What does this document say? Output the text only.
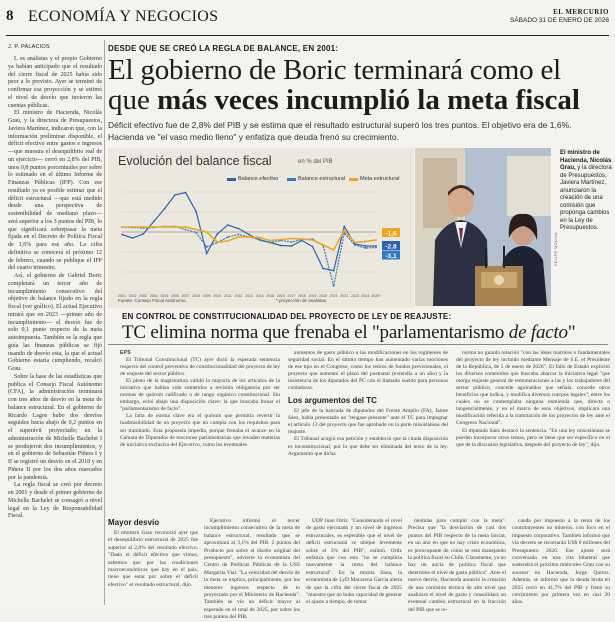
8 ECONOMÍA Y NEGOCIOS	EL MERCURIO
SÁBADO 31 DE ENERO DE 2026
J. P. PALACIOS

L os analistas y el propio Gobierno ya habían anticipado que el resultado del cierre fiscal de 2025 había sido peor a lo previsto. Ayer se terminó de confirmar esa proyección y se estimó el nivel de desvío que tuvieron las cuentas públicas.

El ministro de Hacienda, Nicolás Grau, y la directora de Presupuestos, Javiera Martínez, indicaron que, con la información preliminar disponible, el déficit efectivo entre gastos e ingresos —que muestra el desequilibrio real de un ejercicio— cerró en 2,8% del PIB, unos 0,8 puntos porcentuales por sobre lo estimado en el último Informe de Finanzas Públicas (IFP). Con ese resultado ya es posible estimar que el déficit estructural —que está medido desde una perspectiva de sostenibilidad de mediano plazo— será superior a los 3 puntos del PIB, lo que significará sobrepasar la meta fijada en el Decreto de Política Fiscal de 1,6% para ese año. La cifra definitiva se conocerá el próximo 12 de febrero, cuando se publique el IFP del cuarto trimestre.

Así, el gobierno de Gabriel Boric completará un tercer año de incumplimiento consecutivo del objetivo de balance fijado en la regla fiscal (ver gráfico). El actual Ejecutivo mirará que en 2023 —primer año de incumplimiento— el desvío fue de solo 0,1 punto respecto de la meta autoimpuesta. También se la regla que guía las finanzas públicas se fijó usando de desvío esta, la que el actual Gobierno estaría cumpliendo, recalcó Grau.

Sobre la base de las estadísticas que publica el Consejo Fiscal Autónomo (CFA), la administración terminará con tres años de desvío en la meta de balance estructural. En el gobierno de Ricardo Lagos hubo dos desvíos seguidos hacia abajo de 0,2 puntos en el superávit proyectado; en la administración de Michelle Bachelet I se produjeron dos incumplimientos, y en el gobierno de Sebastián Piñera I y II se registró un desvío en el 2018 y en Piñera II por los dos años marcados por la pandemia.

La regla fiscal se creó por decreto en 2001 y desde el primer gobierno de Michelle Bachelet se consagró a nivel legal en la Ley de Responsabilidad Fiscal.

DESDE QUE SE CREÓ LA REGLA DE BALANCE, EN 2001:
El gobierno de Boric terminará como el
que más veces incumplió la meta fiscal
Déficit efectivo fue de 2,8% del PIB y se estima que el resultado estructural superó los tres puntos. El objetivo era de 1,6%.
Hacienda ve "el vaso medio lleno" y enfatiza que deuda frenó su crecimiento.
Evolución del balance fiscal	en % del PIB
Balance efectivo	Balance estructural	Meta estructural
2001 2002 2003 2004 2005 2006 2007 2008 2009 2010 2011 2012 2013 2014 2015 2016 2017 2018 2019 2020 2021 2022 2023 2024 2025*
-1,6
-2,8
-3,1
Fuente: Consejo Fiscal Autónomo.	* proyección de analistas.
FELIPE MOLINA
El ministro de Hacienda, Nicolás Grau, y la directora de Presupuestos, Javiera Martínez, anunciaron la creación de una comisión que proponga cambios en la Ley de Presupuestos.
EN CONTROL DE CONSTITUCIONALIDAD DEL PROYECTO DE LEY DE REAJUSTE:
TC elimina norma que frenaba el "parlamentarismo de facto"

EPS

El Tribunal Constitucional (TC) ayer dictó la esperada sentencia respecto del control preventivo de constitucionalidad del proyecto de ley de reajuste del sector público.

El pleno de la magistratura validó la mayoría de los artículos de la iniciativa que habían sido sometidos a revisión obligatoria por ser normas de quórum calificado o de rango orgánico constitucional. Sin embargo, echó abajo una disposición clave: la que buscaba frenar el "parlamentarismo de facto".

La falta de norma clave era el quórum que permitía revertir la inadmisibilidad de un proyecto que no cumpla con los requisitos para ser tramitado. Esta propuesta impedía, porque frenaba el avance en la Cámara de Diputados de mociones parlamentarias que invaden materias de iniciativa exclusiva del Ejecutivo, como los eventuales

aumentos de gasto público o las modificaciones en los regímenes de seguridad social. En el último tiempo han aumentado varias mociones de ese tipo en el Congreso, como los retiros de fondos previsionales, el proyecto que aumentó el plazo del postnatal (extendía a un año) y la insistencia de los diputados del PC con el llamado sueldo para personas cuidadoras.

Los argumentos del TC

El jefe de la bancada de diputados del Frente Amplio (FA), Jaime Sáez, había presentado un "tengase presente" ante el TC para impugnar el artículo 13 del proyecto que fue aprobado en la parte misceláneas del reajuste.

El Tribunal acogió esa petición y estableció que la citada disposición es inconstitucional, por lo que debe ser eliminada del texto de la ley. Argumentó que dicha

norma no guarda relación "con las ideas matrices o fundamentales del proyecto de ley incluido mediante Mensaje de S.E. el Presidente de la República, de 5 de enero de 2026". El fallo de Estado explicitó los diversos contenidos que buscaba abarcar la iniciativa legal "que otorga reajuste general de remuneraciones a las y los trabajadores del sector público, concede aguinaldos que señala, concede otros beneficios que indica, y modifica diversos cuerpos legales"; entre los cuales no se contemplaba ninguna enmienda que, directa o tangencialmente, y en el marco de esos objetivos, implicara una modificación referida a la tramitación de los proyectos de ley ante el Congreso Nacional".

El diputado Sáez destacó la sentencia. "En una ley misceláneas se pueden incorporar otros temas, pero se tiene que ser específico en el que de la discusión legislativa, después del proyecto de ley", dijo.

Mayor desvío

El ministro Grau reconoció ayer que el desequilibrio estructural de 2025 fue superior al 2,8% del resultado efectivo. "Dado el déficit efectivo que vimos, sabemos que por las condiciones macroeconómicas que hay en el país, tiene que estar por sobre el déficit efectivo" el resultado estructural, dijo.

Ejecutivo informó el tercer incumplimiento consecutivo de la meta de balance estructural, resultado que se aproximará al 3,1% del PIB. 2 puntos del Producto por sobre el diseño original del presupuesto", advierte la economista del Centro de Políticas Públicas de la USS Margarita Vial. "La velocidad del desvío de la meta se explica, principalmente, por los menores ingresos respecto de lo proyectado por el Ministerio de Hacienda". También se vio un déficit mayor al esperado en el total de 2025, por sobre los tres puntos del PIB.

UDP Juan Ortiz. "Considerando el nivel de gasto ejecutado y un nivel de ingresos estructurales, es esperable que el nivel de déficit estructural se ubique levemente sobre el 3% del PIB", estimó. Ortiz enfatiza que con esto "no se cumpliría nuevamente la meta del balance estructural". En la misma línea, la economista de LyD Macarena García alerta de que la cifra del cierre fiscal de 2025 "muestra que no hubo capacidad de generar el ajuste a tiempo, de tomar

medidas para cumplir con la meta". Precisa que "la desviación de casi dos puntos del PIB respecto de la meta inicial, en un año en que no hay crisis económica, es preocupante de cómo se está manejando la política fiscal en Chile. Claramente, ya no hay un ancla de política fiscal que determine el nivel de gasto público". Ante el nuevo desvío, Hacienda anunció la creación de una comisión técnica de alto nivel que analizará el nivel de gasto y consolidará un eventual cambio estructural en la fracción del PIB que se re-

cauda por impuesto a la renta de los contribuyentes no mineros, con foco en el impuesto corporativo. También informó que vía decreto se recortarán US$ 0 millones del Presupuesto 2026. Ese ajuste será conversado en una cita bilateral que sostendrá el próximo miércoles Grau con su sucesor en Hacienda, Jorge Quiroz. Además, se informó que la deuda bruta en 2025 cerró en 41,7% del PIB y frenó su crecimiento por primera vez en casi 20 años.
